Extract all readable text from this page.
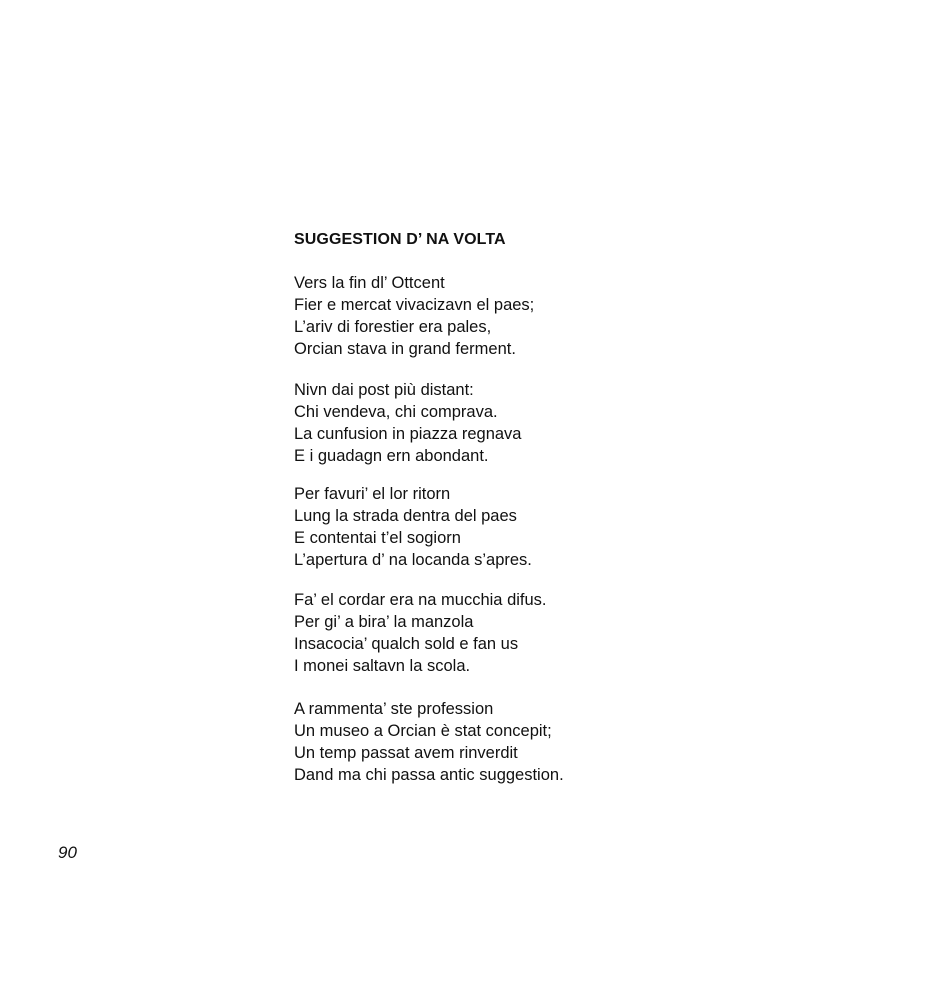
SUGGESTION D’ NA VOLTA
Vers la fin dl’ Ottcent
Fier e mercat vivacizavn el paes;
L’ariv di forestier era pales,
Orcian stava in grand ferment.
Nivn dai post più distant:
Chi vendeva, chi comprava.
La cunfusion in piazza regnava
E i guadagn ern abondant.
Per favuri’ el lor ritorn
Lung la strada dentra del paes
E contentai t’el sogiorn
L’apertura d’ na locanda s’apres.
Fa’ el cordar era na mucchia difus.
Per gi’ a bira’ la manzola
Insacocia’ qualch sold e fan us
I monei saltavn la scola.
A rammenta’ ste profession
Un museo a Orcian è stat concepit;
Un temp passat avem rinverdit
Dand ma chi passa antic suggestion.
90
